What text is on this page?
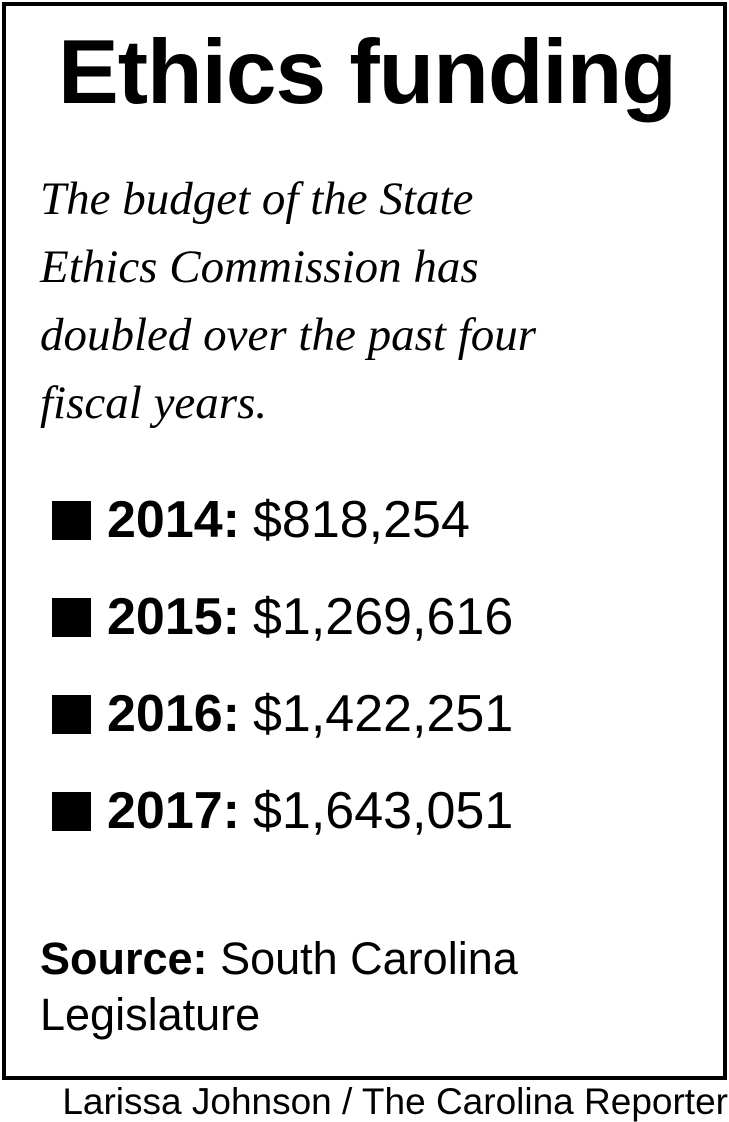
Ethics funding
The budget of the State
Ethics Commission has
doubled over the past four
fiscal years.
2014: $818,254
2015: $1,269,616
2016: $1,422,251
2017: $1,643,051
Source: South Carolina
Legislature
Larissa Johnson / The Carolina Reporter
